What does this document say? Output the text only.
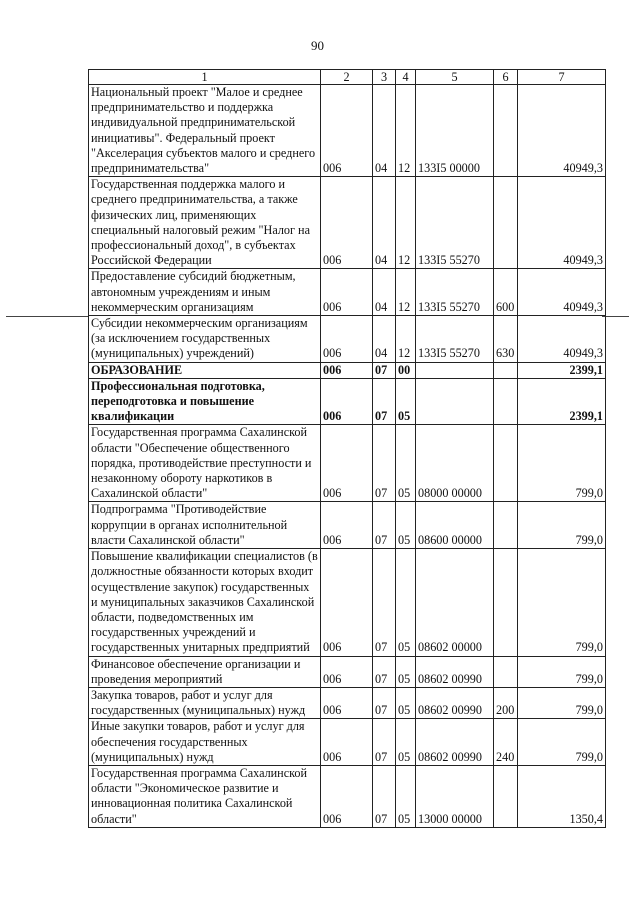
90
1	2	3	4	5	6	7
Национальный проект "Малое и среднее предпринимательство и поддержка индивидуальной предпринимательской инициативы". Федеральный проект "Акселерация субъектов малого и среднего предпринимательства"	006	04	12	133I5 00000		40949,3
Государственная поддержка малого и среднего предпринимательства, а также физических лиц, применяющих специальный налоговый режим "Налог на профессиональный доход", в субъектах Российской Федерации	006	04	12	133I5 55270		40949,3
Предоставление субсидий бюджетным, автономным учреждениям и иным некоммерческим организациям	006	04	12	133I5 55270	600	40949,3
Субсидии некоммерческим организациям (за исключением государственных (муниципальных) учреждений)	006	04	12	133I5 55270	630	40949,3
ОБРАЗОВАНИЕ	006	07	00			2399,1
Профессиональная подготовка, переподготовка и повышение квалификации	006	07	05			2399,1
Государственная программа Сахалинской области "Обеспечение общественного порядка, противодействие преступности и незаконному обороту наркотиков в Сахалинской области"	006	07	05	08000 00000		799,0
Подпрограмма "Противодействие коррупции в органах исполнительной власти Сахалинской области"	006	07	05	08600 00000		799,0
Повышение квалификации специалистов (в должностные обязанности которых входит осуществление закупок) государственных и муниципальных заказчиков Сахалинской области, подведомственных им государственных учреждений и государственных унитарных предприятий	006	07	05	08602 00000		799,0
Финансовое обеспечение организации и проведения мероприятий	006	07	05	08602 00990		799,0
Закупка товаров, работ и услуг для государственных (муниципальных) нужд	006	07	05	08602 00990	200	799,0
Иные закупки товаров, работ и услуг для обеспечения государственных (муниципальных) нужд	006	07	05	08602 00990	240	799,0
Государственная программа Сахалинской области "Экономическое развитие и инновационная политика Сахалинской области"	006	07	05	13000 00000		1350,4
